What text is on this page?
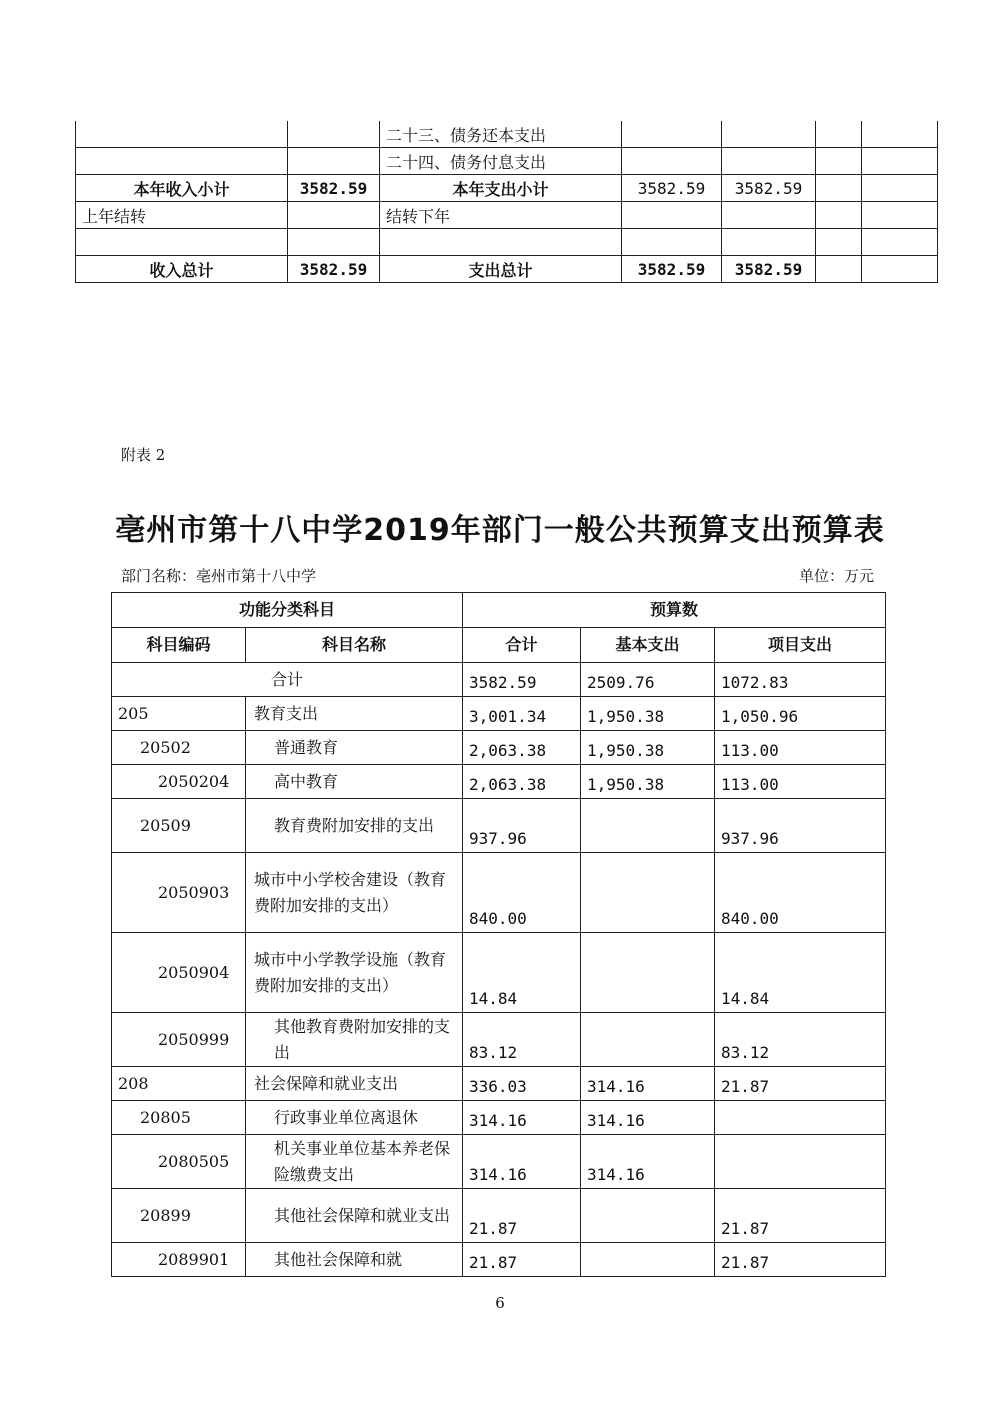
		二十三、债务还本支出				
		二十四、债务付息支出				
本年收入小计	3582.59	本年支出小计	3582.59	3582.59		
上年结转		结转下年				

收入总计	3582.59	支出总计	3582.59	3582.59		
附表 2
亳州市第十八中学2019年部门一般公共预算支出预算表
部门名称：亳州市第十八中学	单位：万元
功能分类科目		预算数		
科目编码	科目名称	合计	基本支出	项目支出
合计		3582.59	2509.76	1072.83
205	教育支出	3,001.34	1,950.38	1,050.96
20502	普通教育	2,063.38	1,950.38	113.00
2050204	高中教育	2,063.38	1,950.38	113.00
20509	教育费附加安排的支出	937.96		937.96
2050903	城市中小学校舍建设（教育费附加安排的支出）	840.00		840.00
2050904	城市中小学教学设施（教育费附加安排的支出）	14.84		14.84
2050999	其他教育费附加安排的支出	83.12		83.12
208	社会保障和就业支出	336.03	314.16	21.87
20805	行政事业单位离退休	314.16	314.16	
2080505	机关事业单位基本养老保险缴费支出	314.16	314.16	
20899	其他社会保障和就业支出	21.87		21.87
2089901	其他社会保障和就	21.87		21.87
6
